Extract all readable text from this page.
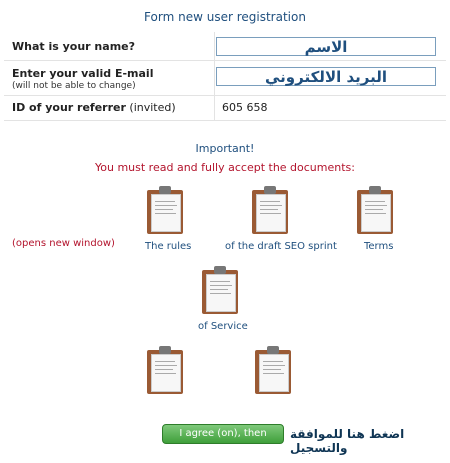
Form new user registration
What is your name?	الاسم
Enter your valid E-mail
(will not be able to change)	البريد الالكتروني
ID of your referrer (invited)	605 658
Important!
You must read and fully accept the documents:
(opens new window)	The rules	of the draft SEO sprint	Terms
of Service
I agree (on), then	اضغط هنا للموافقة والتسجيل
